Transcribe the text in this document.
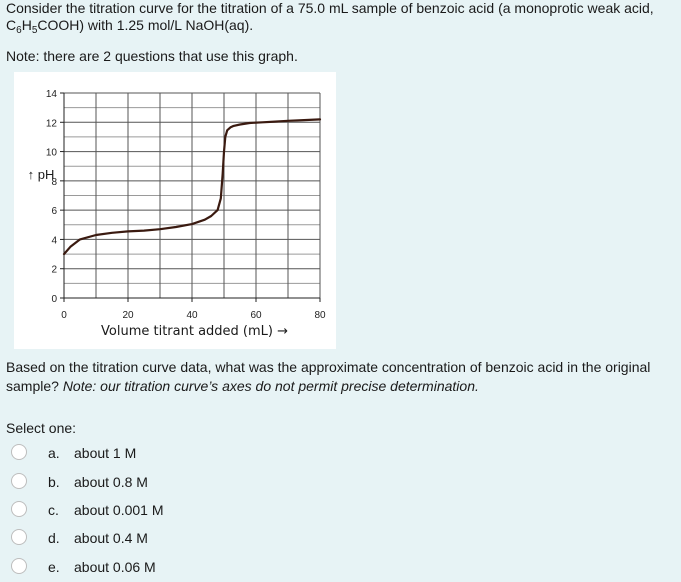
Consider the titration curve for the titration of a 75.0 mL sample of benzoic acid (a monoprotic weak acid,
$C_6H_5COOH$) with 1.25 mol/L NaOH(aq).
Note: there are 2 questions that use this graph.
0
2
4
6
8
10
12
14
0	20	40	60	80
↑ pH
Volume titrant added (mL) →
Based on the titration curve data, what was the approximate concentration of benzoic acid in the original sample? Note: our titration curve’s axes do not permit precise determination.
Select one:
a. about 1 M
b. about 0.8 M
c. about 0.001 M
d. about 0.4 M
e. about 0.06 M
